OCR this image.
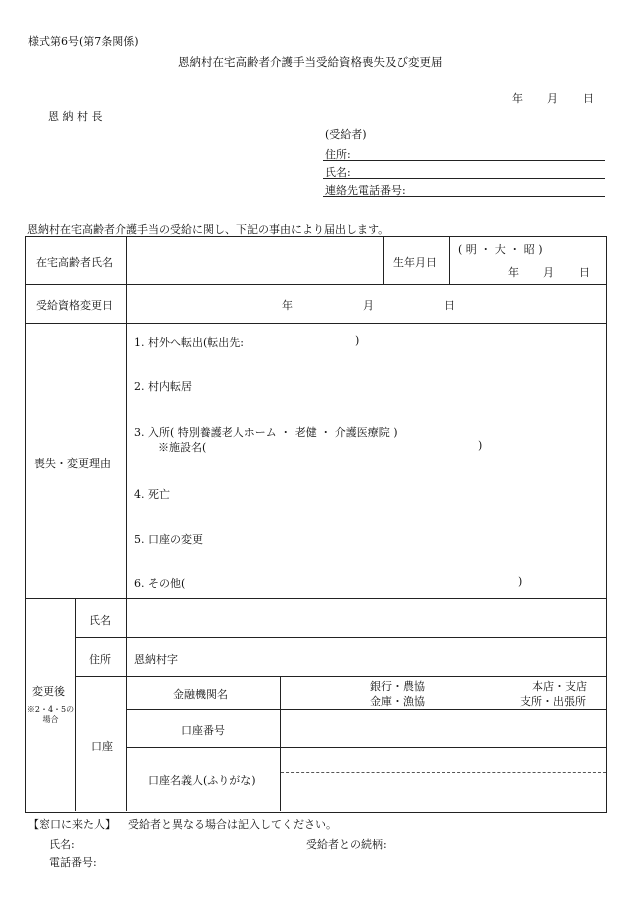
様式第6号(第7条関係)
恩納村在宅高齢者介護手当受給資格喪失及び変更届
年 月 日
恩 納 村 長
(受給者)
住所:
氏名:
連絡先電話番号:
恩納村在宅高齢者介護手当の受給に関し、下記の事由により届出します。
在宅高齢者氏名	生年月日
( 明 ・ 大 ・ 昭 )
年 月 日
受給資格変更日	年	月	日
喪失・変更理由
1. 村外へ転出(転出先:	)
2. 村内転居
3. 入所( 特別養護老人ホーム ・ 老健 ・ 介護医療院 )
※施設名(	)
4. 死亡
5. 口座の変更
6. その他(	)
変更後
※2・4・5の
場合
氏名
住所 恩納村字
口座
金融機関名
銀行・農協
金庫・漁協
本店・支店
支所・出張所
口座番号
口座名義人(ふりがな)
【窓口に来た人】 受給者と異なる場合は記入してください。
氏名:	受給者との続柄:
電話番号:
